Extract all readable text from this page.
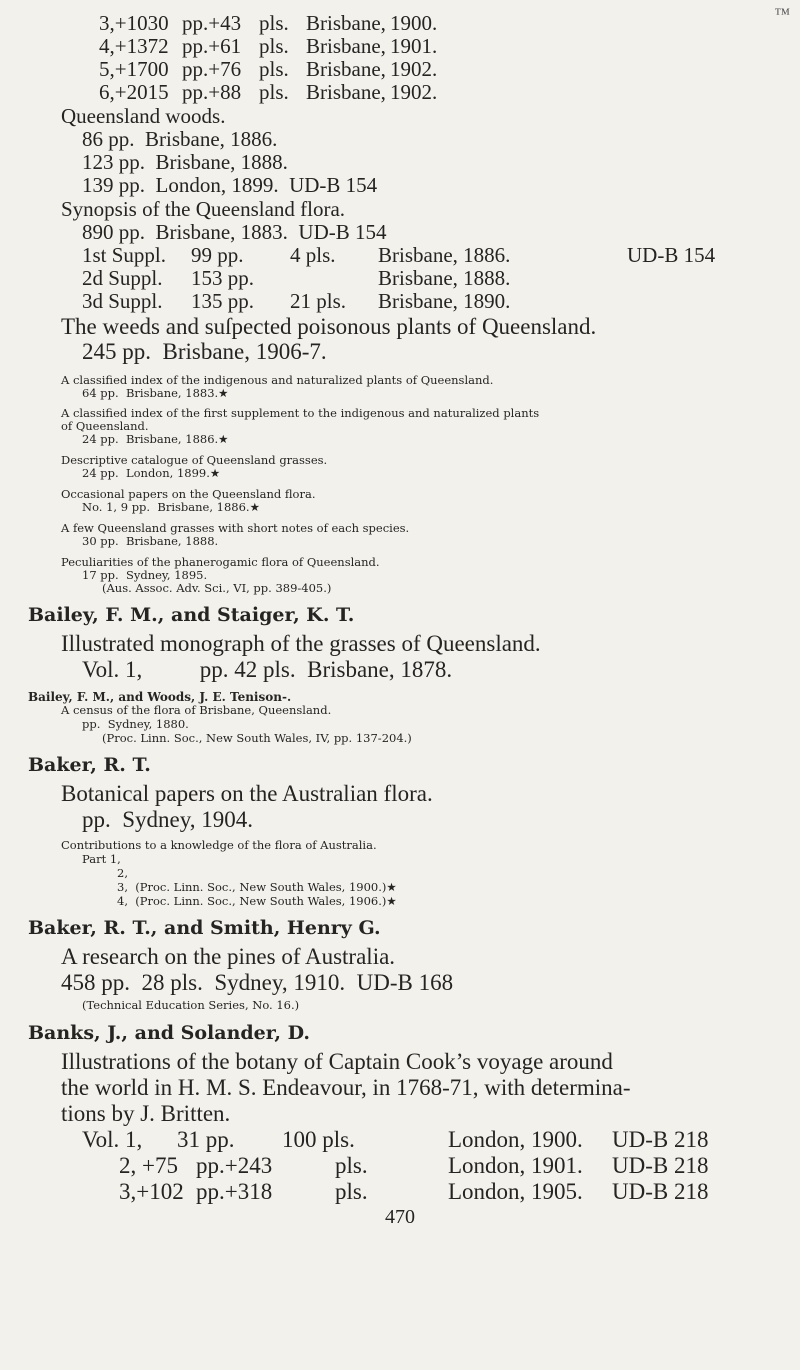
™
3,+1030 pp.+43 pls. Brisbane, 1900.
4,+1372 pp.+61 pls. Brisbane, 1901.
5,+1700 pp.+76 pls. Brisbane, 1902.
6,+2015 pp.+88 pls. Brisbane, 1902.
Queensland woods.
86 pp.  Brisbane, 1886.
123 pp.  Brisbane, 1888.
139 pp.  London, 1899.  UD-B 154
Synopsis of the Queensland flora.
890 pp.  Brisbane, 1883.  UD-B 154
1st Suppl. 99 pp. 4 pls. Brisbane, 1886.	UD-B 154
2d Suppl. 153 pp.	Brisbane, 1888.
3d Suppl. 135 pp. 21 pls. Brisbane, 1890.
The weeds and suſpected poisonous plants of Queensland.
245 pp.  Brisbane, 1906-7.
A classified index of the indigenous and naturalized plants of Queensland.
64 pp.  Brisbane, 1883.★
A classified index of the first supplement to the indigenous and naturalized plants
of Queensland.
24 pp.  Brisbane, 1886.★
Descriptive catalogue of Queensland grasses.
24 pp.  London, 1899.★
Occasional papers on the Queensland flora.
No. 1, 9 pp.  Brisbane, 1886.★
A few Queensland grasses with short notes of each species.
30 pp.  Brisbane, 1888.
Peculiarities of the phanerogamic flora of Queensland.
17 pp.  Sydney, 1895.
(Aus. Assoc. Adv. Sci., VI, pp. 389-405.)
Bailey, F. M., and Staiger, K. T.
Illustrated monograph of the grasses of Queensland.
Vol. 1,          pp. 42 pls.  Brisbane, 1878.
Bailey, F. M., and Woods, J. E. Tenison-.
A census of the flora of Brisbane, Queensland.
pp.  Sydney, 1880.
(Proc. Linn. Soc., New South Wales, IV, pp. 137-204.)
Baker, R. T.
Botanical papers on the Australian flora.
pp.  Sydney, 1904.
Contributions to a knowledge of the flora of Australia.
Part 1,
2,
3,  (Proc. Linn. Soc., New South Wales, 1900.)★
4,  (Proc. Linn. Soc., New South Wales, 1906.)★
Baker, R. T., and Smith, Henry G.
A research on the pines of Australia.
458 pp.  28 pls.  Sydney, 1910.  UD-B 168
(Technical Education Series, No. 16.)
Banks, J., and Solander, D.
Illustrations of the botany of Captain Cook’s voyage around
the world in H. M. S. Endeavour, in 1768-71, with determina-
tions by J. Britten.
Vol. 1, 31 pp. 100 pls.	London, 1900. UD-B 218
2, +75 pp.+243	pls.	London, 1901. UD-B 218
3,+102 pp.+318	pls.	London, 1905. UD-B 218
470
